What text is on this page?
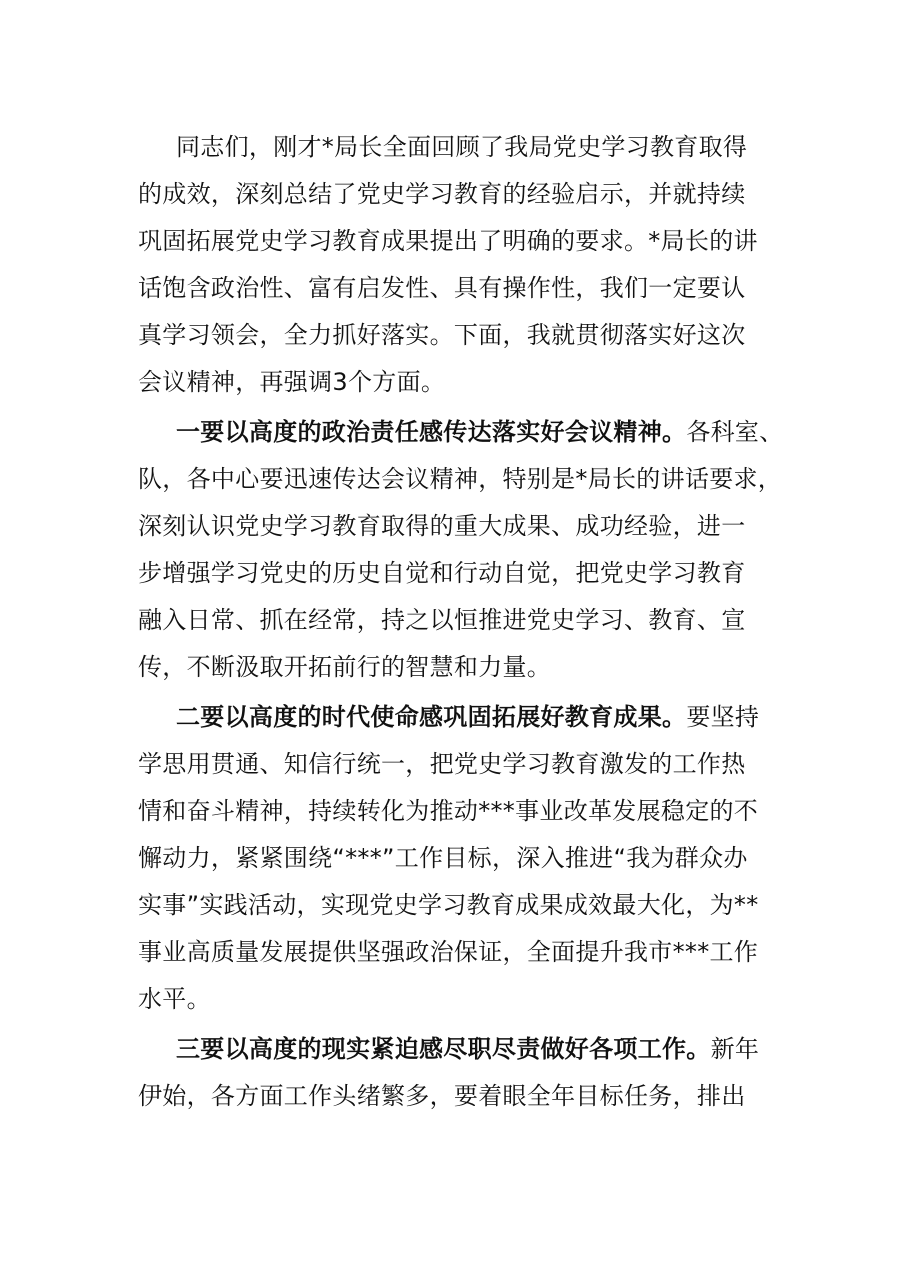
同志们，刚才*局长全面回顾了我局党史学习教育取得
的成效，深刻总结了党史学习教育的经验启示，并就持续
巩固拓展党史学习教育成果提出了明确的要求。*局长的讲
话饱含政治性、富有启发性、具有操作性，我们一定要认
真学习领会，全力抓好落实。下面，我就贯彻落实好这次
会议精神，再强调3个方面。
一要以高度的政治责任感传达落实好会议精神。各科室、
队，各中心要迅速传达会议精神，特别是*局长的讲话要求，
深刻认识党史学习教育取得的重大成果、成功经验，进一
步增强学习党史的历史自觉和行动自觉，把党史学习教育
融入日常、抓在经常，持之以恒推进党史学习、教育、宣
传，不断汲取开拓前行的智慧和力量。
二要以高度的时代使命感巩固拓展好教育成果。要坚持
学思用贯通、知信行统一，把党史学习教育激发的工作热
情和奋斗精神，持续转化为推动***事业改革发展稳定的不
懈动力，紧紧围绕“***”工作目标，深入推进“我为群众办
实事”实践活动，实现党史学习教育成果成效最大化，为**
事业高质量发展提供坚强政治保证，全面提升我市***工作
水平。
三要以高度的现实紧迫感尽职尽责做好各项工作。新年
伊始，各方面工作头绪繁多，要着眼全年目标任务，排出
